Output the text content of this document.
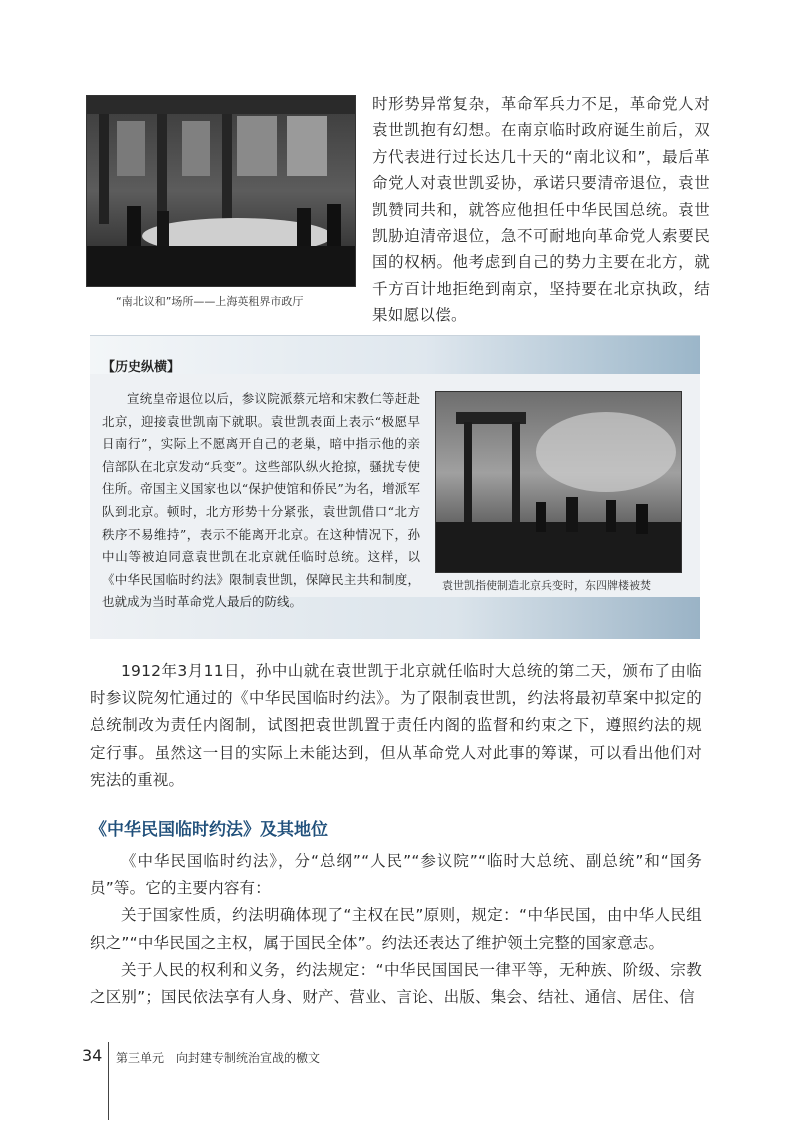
“南北议和”场所——上海英租界市政厅
时形势异常复杂，革命军兵力不足，革命党人对袁世凯抱有幻想。在南京临时政府诞生前后，双方代表进行过长达几十天的“南北议和”，最后革命党人对袁世凯妥协，承诺只要清帝退位，袁世凯赞同共和，就答应他担任中华民国总统。袁世凯胁迫清帝退位，急不可耐地向革命党人索要民国的权柄。他考虑到自己的势力主要在北方，就千方百计地拒绝到南京，坚持要在北京执政，结果如愿以偿。
【历史纵横】

宣统皇帝退位以后，参议院派蔡元培和宋教仁等赶赴北京，迎接袁世凯南下就职。袁世凯表面上表示“极愿早日南行”，实际上不愿离开自己的老巢，暗中指示他的亲信部队在北京发动“兵变”。这些部队纵火抢掠，骚扰专使住所。帝国主义国家也以“保护使馆和侨民”为名，增派军队到北京。顿时，北方形势十分紧张，袁世凯借口“北方秩序不易维持”，表示不能离开北京。在这种情况下，孙中山等被迫同意袁世凯在北京就任临时总统。这样，以《中华民国临时约法》限制袁世凯，保障民主共和制度，也就成为当时革命党人最后的防线。

袁世凯指使制造北京兵变时，东四牌楼被焚

1912年3月11日，孙中山就在袁世凯于北京就任临时大总统的第二天，颁布了由临时参议院匆忙通过的《中华民国临时约法》。为了限制袁世凯，约法将最初草案中拟定的总统制改为责任内阁制，试图把袁世凯置于责任内阁的监督和约束之下，遵照约法的规定行事。虽然这一目的实际上未能达到，但从革命党人对此事的筹谋，可以看出他们对宪法的重视。

《中华民国临时约法》及其地位

《中华民国临时约法》，分“总纲”“人民”“参议院”“临时大总统、副总统”和“国务员”等。它的主要内容有：

关于国家性质，约法明确体现了“主权在民”原则，规定：“中华民国，由中华人民组织之”“中华民国之主权，属于国民全体”。约法还表达了维护领土完整的国家意志。

关于人民的权利和义务，约法规定：“中华民国国民一律平等，无种族、阶级、宗教之区别”；国民依法享有人身、财产、营业、言论、出版、集会、结社、通信、居住、信

34 第三单元　向封建专制统治宣战的檄文
